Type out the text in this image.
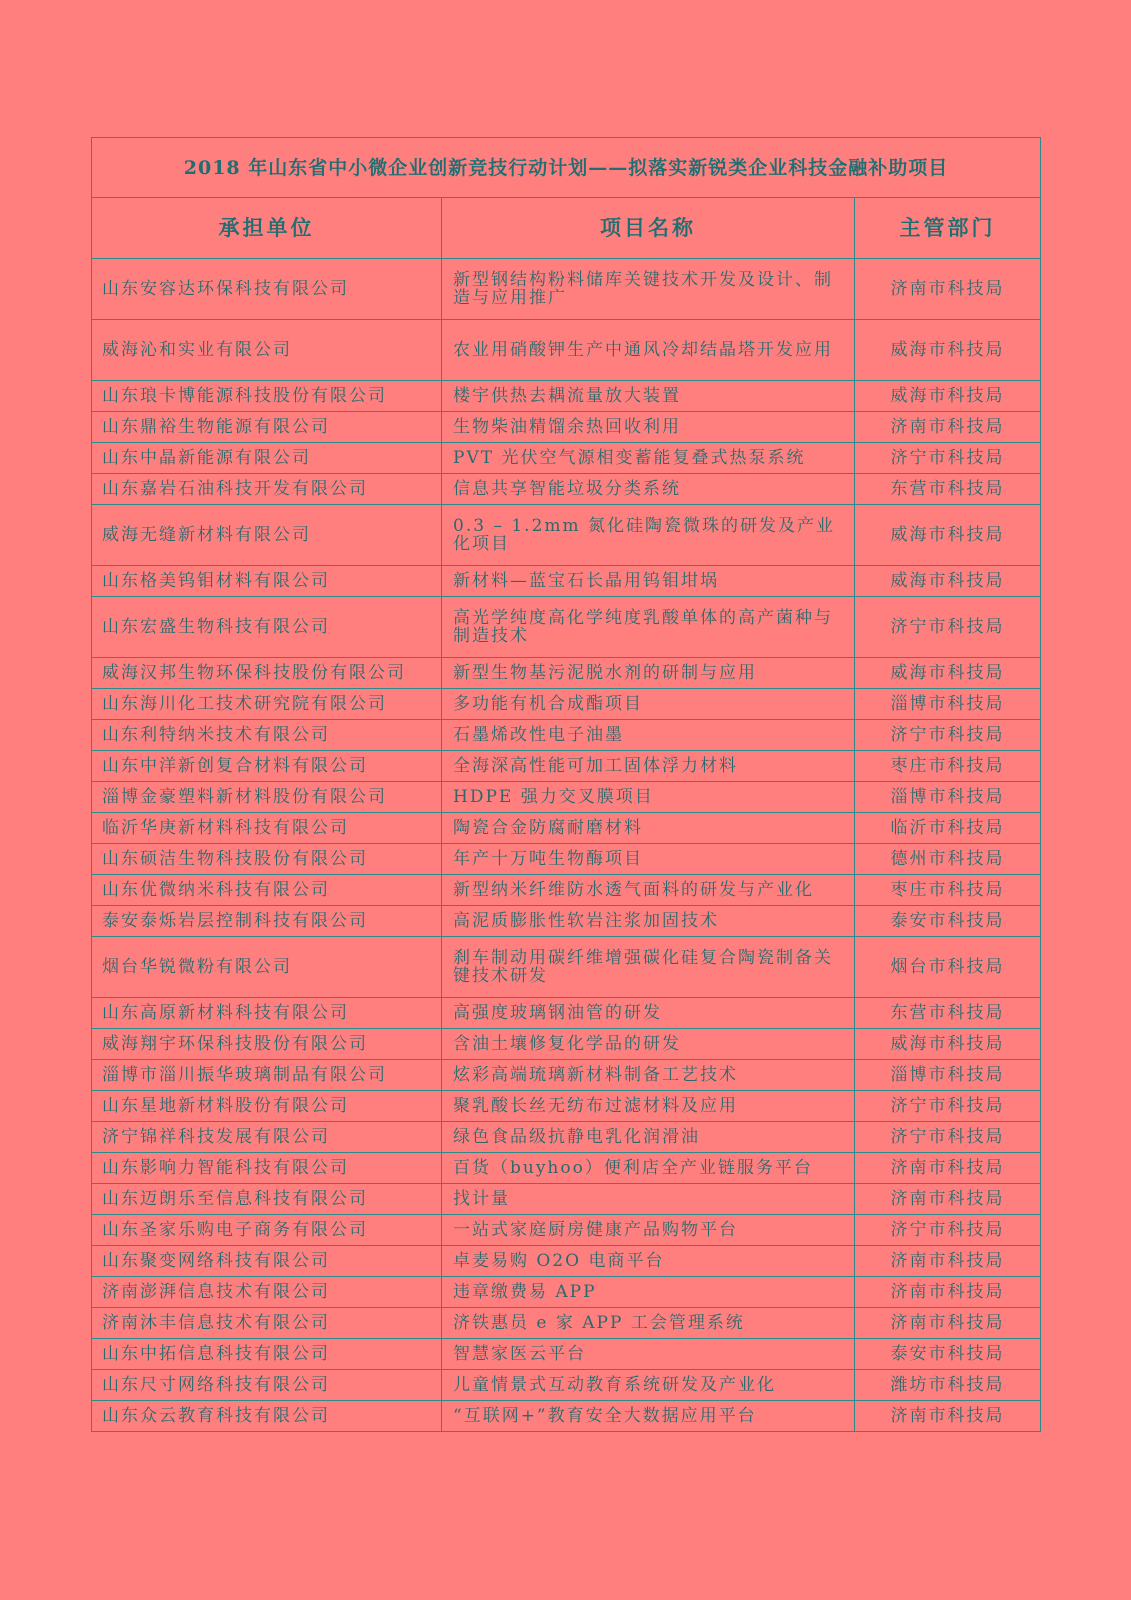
2018 年山东省中小微企业创新竞技行动计划——拟落实新锐类企业科技金融补助项目		
承担单位	项目名称	主管部门
山东安容达环保科技有限公司	新型钢结构粉料储库关键技术开发及设计、制造与应用推广	济南市科技局
威海沁和实业有限公司	农业用硝酸钾生产中通风冷却结晶塔开发应用	威海市科技局
山东琅卡博能源科技股份有限公司	楼宇供热去耦流量放大装置	威海市科技局
山东鼎裕生物能源有限公司	生物柴油精馏余热回收利用	济南市科技局
山东中晶新能源有限公司	PVT 光伏空气源相变蓄能复叠式热泵系统	济宁市科技局
山东嘉岩石油科技开发有限公司	信息共享智能垃圾分类系统	东营市科技局
威海无缝新材料有限公司	0.3 – 1.2mm 氮化硅陶瓷微珠的研发及产业化项目	威海市科技局
山东格美钨钼材料有限公司	新材料—蓝宝石长晶用钨钼坩埚	威海市科技局
山东宏盛生物科技有限公司	高光学纯度高化学纯度乳酸单体的高产菌种与制造技术	济宁市科技局
威海汉邦生物环保科技股份有限公司	新型生物基污泥脱水剂的研制与应用	威海市科技局
山东海川化工技术研究院有限公司	多功能有机合成酯项目	淄博市科技局
山东利特纳米技术有限公司	石墨烯改性电子油墨	济宁市科技局
山东中洋新创复合材料有限公司	全海深高性能可加工固体浮力材料	枣庄市科技局
淄博金豪塑料新材料股份有限公司	HDPE 强力交叉膜项目	淄博市科技局
临沂华庚新材料科技有限公司	陶瓷合金防腐耐磨材料	临沂市科技局
山东硕洁生物科技股份有限公司	年产十万吨生物酶项目	德州市科技局
山东优微纳米科技有限公司	新型纳米纤维防水透气面料的研发与产业化	枣庄市科技局
泰安泰烁岩层控制科技有限公司	高泥质膨胀性软岩注浆加固技术	泰安市科技局
烟台华锐微粉有限公司	刹车制动用碳纤维增强碳化硅复合陶瓷制备关键技术研发	烟台市科技局
山东高原新材料科技有限公司	高强度玻璃钢油管的研发	东营市科技局
威海翔宇环保科技股份有限公司	含油土壤修复化学品的研发	威海市科技局
淄博市淄川振华玻璃制品有限公司	炫彩高端琉璃新材料制备工艺技术	淄博市科技局
山东星地新材料股份有限公司	聚乳酸长丝无纺布过滤材料及应用	济宁市科技局
济宁锦祥科技发展有限公司	绿色食品级抗静电乳化润滑油	济宁市科技局
山东影响力智能科技有限公司	百货（buyhoo）便利店全产业链服务平台	济南市科技局
山东迈朗乐至信息科技有限公司	找计量	济南市科技局
山东圣家乐购电子商务有限公司	一站式家庭厨房健康产品购物平台	济宁市科技局
山东聚变网络科技有限公司	卓麦易购 O2O 电商平台	济南市科技局
济南澎湃信息技术有限公司	违章缴费易 APP	济南市科技局
济南沐丰信息技术有限公司	济铁惠员 e 家 APP 工会管理系统	济南市科技局
山东中拓信息科技有限公司	智慧家医云平台	泰安市科技局
山东尺寸网络科技有限公司	儿童情景式互动教育系统研发及产业化	潍坊市科技局
山东众云教育科技有限公司	“互联网+”教育安全大数据应用平台	济南市科技局
